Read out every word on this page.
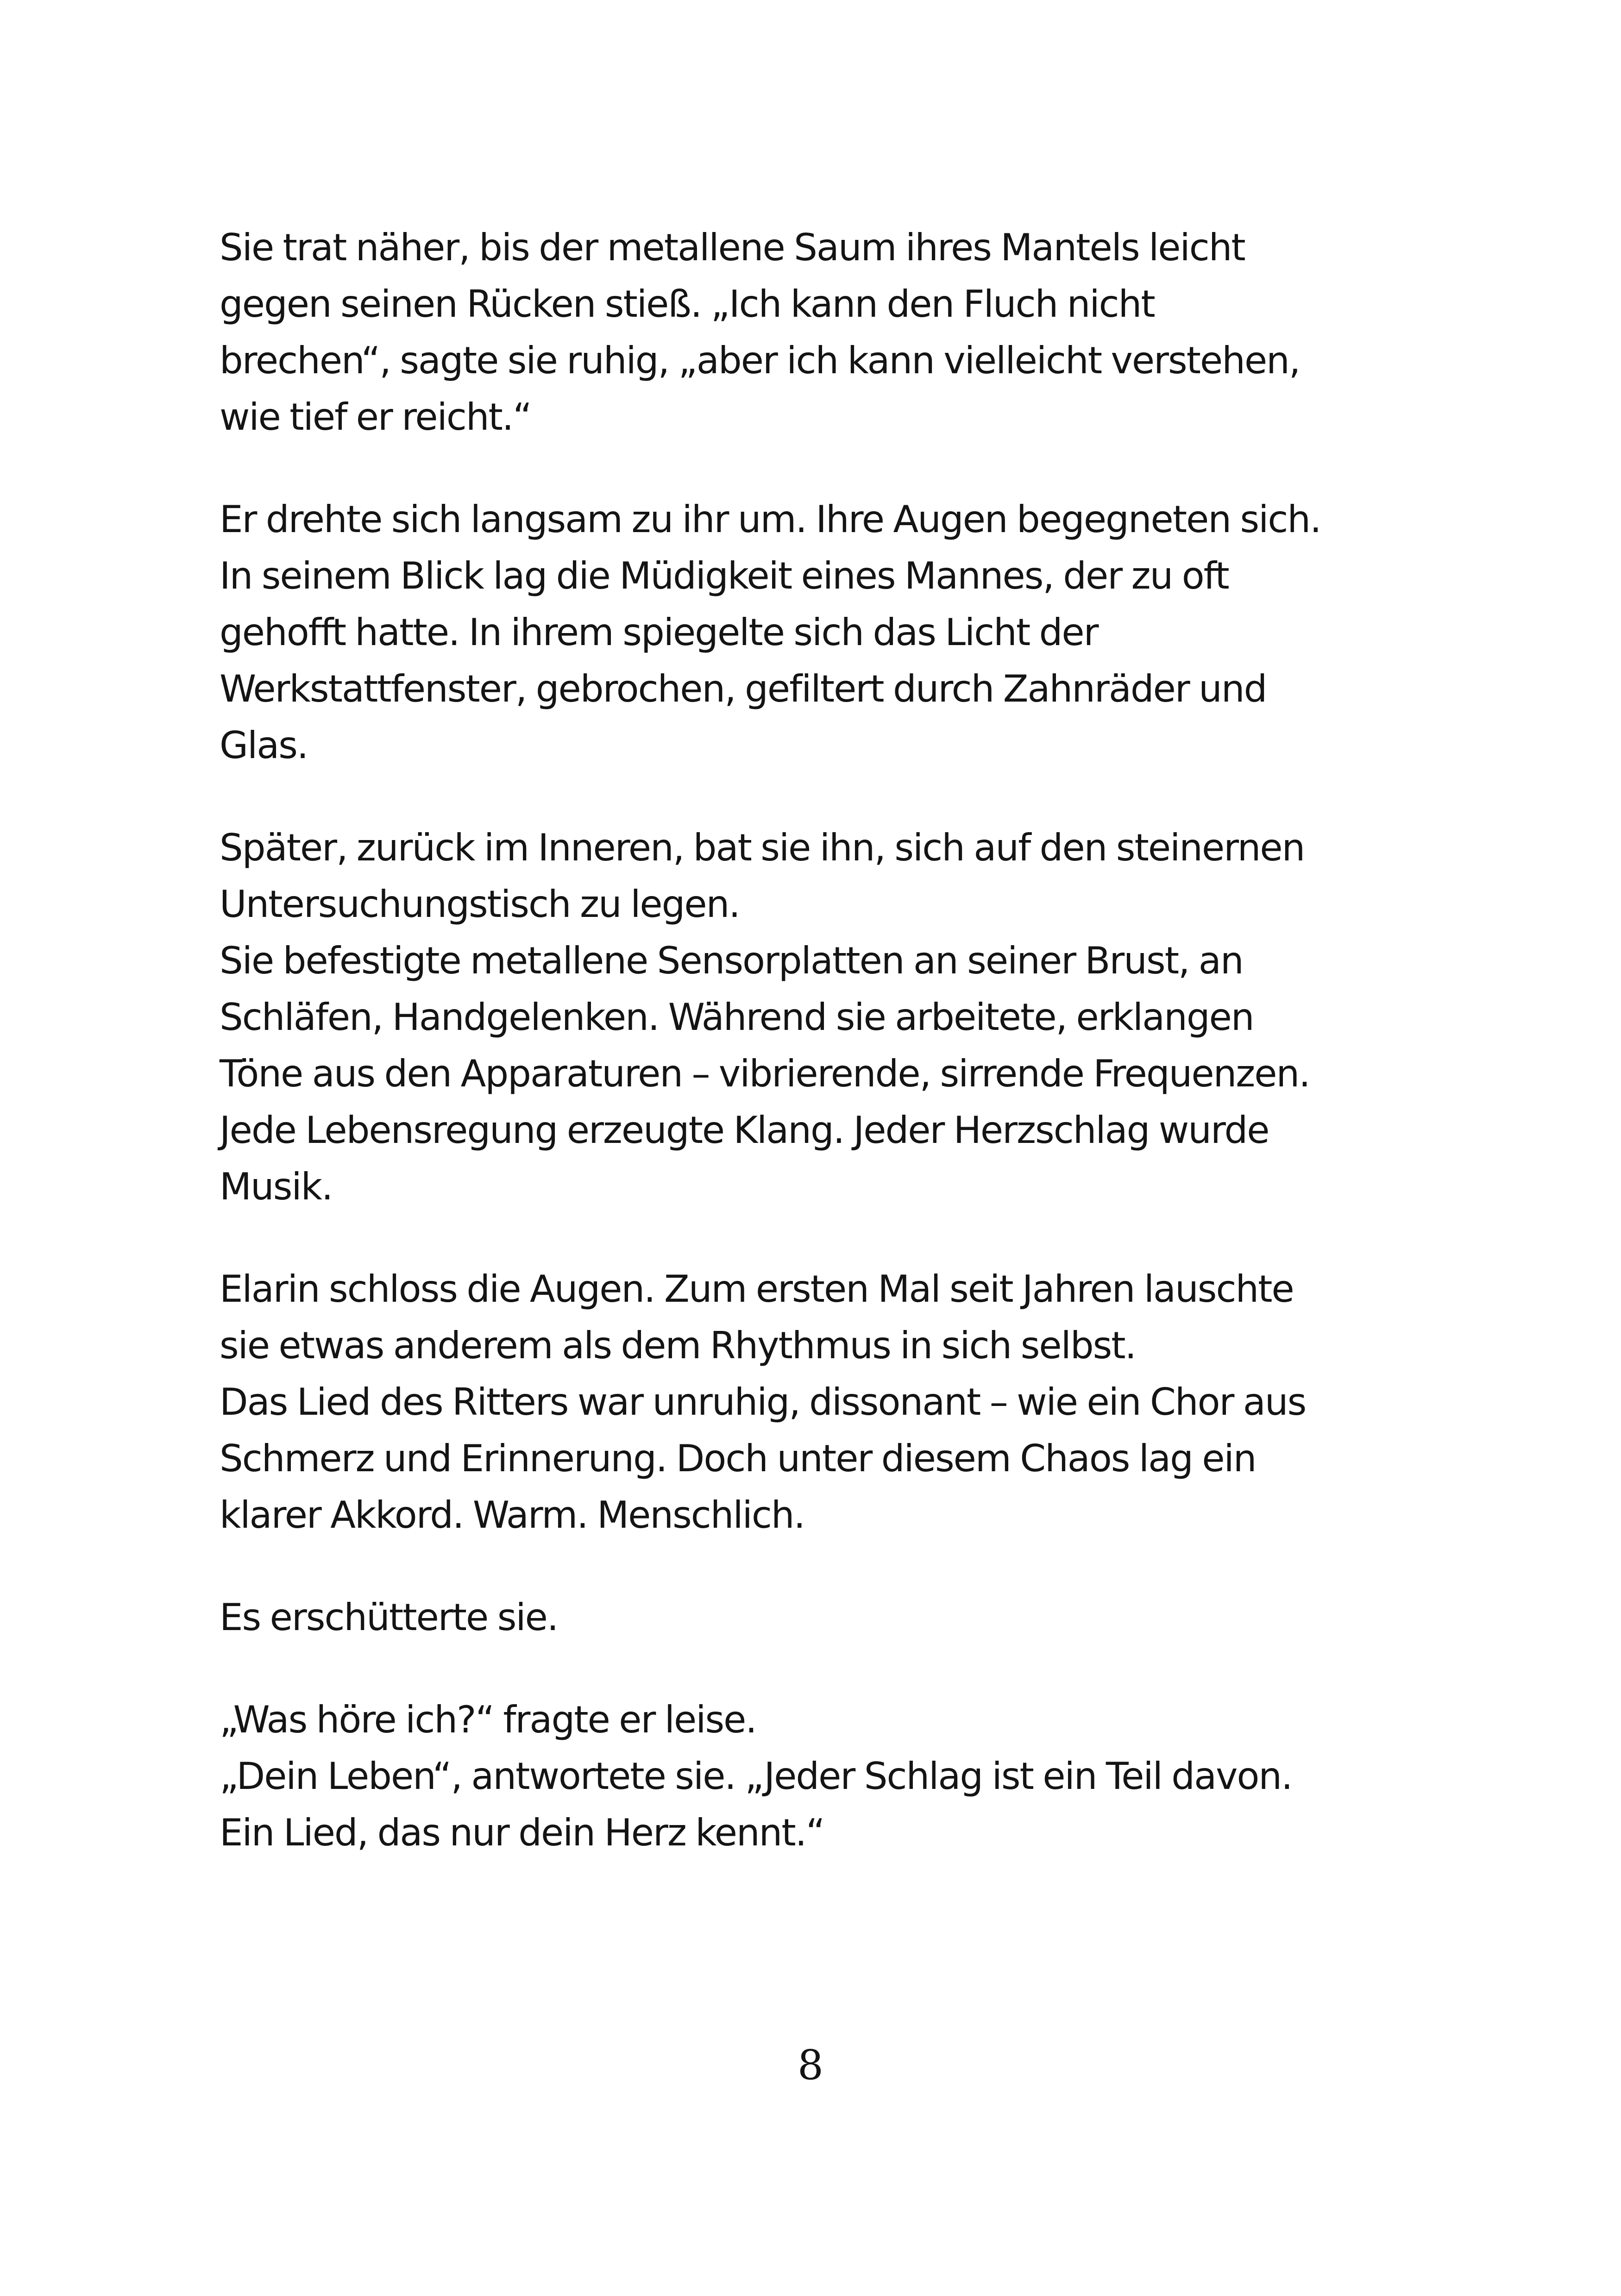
Sie trat näher, bis der metallene Saum ihres Mantels leicht
gegen seinen Rücken stieß. „Ich kann den Fluch nicht
brechen“, sagte sie ruhig, „aber ich kann vielleicht verstehen,
wie tief er reicht.“

Er drehte sich langsam zu ihr um. Ihre Augen begegneten sich.
In seinem Blick lag die Müdigkeit eines Mannes, der zu oft
gehofft hatte. In ihrem spiegelte sich das Licht der
Werkstattfenster, gebrochen, gefiltert durch Zahnräder und
Glas.

Später, zurück im Inneren, bat sie ihn, sich auf den steinernen
Untersuchungstisch zu legen.
Sie befestigte metallene Sensorplatten an seiner Brust, an
Schläfen, Handgelenken. Während sie arbeitete, erklangen
Töne aus den Apparaturen – vibrierende, sirrende Frequenzen.
Jede Lebensregung erzeugte Klang. Jeder Herzschlag wurde
Musik.

Elarin schloss die Augen. Zum ersten Mal seit Jahren lauschte
sie etwas anderem als dem Rhythmus in sich selbst.
Das Lied des Ritters war unruhig, dissonant – wie ein Chor aus
Schmerz und Erinnerung. Doch unter diesem Chaos lag ein
klarer Akkord. Warm. Menschlich.

Es erschütterte sie.

„Was höre ich?“ fragte er leise.
„Dein Leben“, antwortete sie. „Jeder Schlag ist ein Teil davon.
Ein Lied, das nur dein Herz kennt.“

8
